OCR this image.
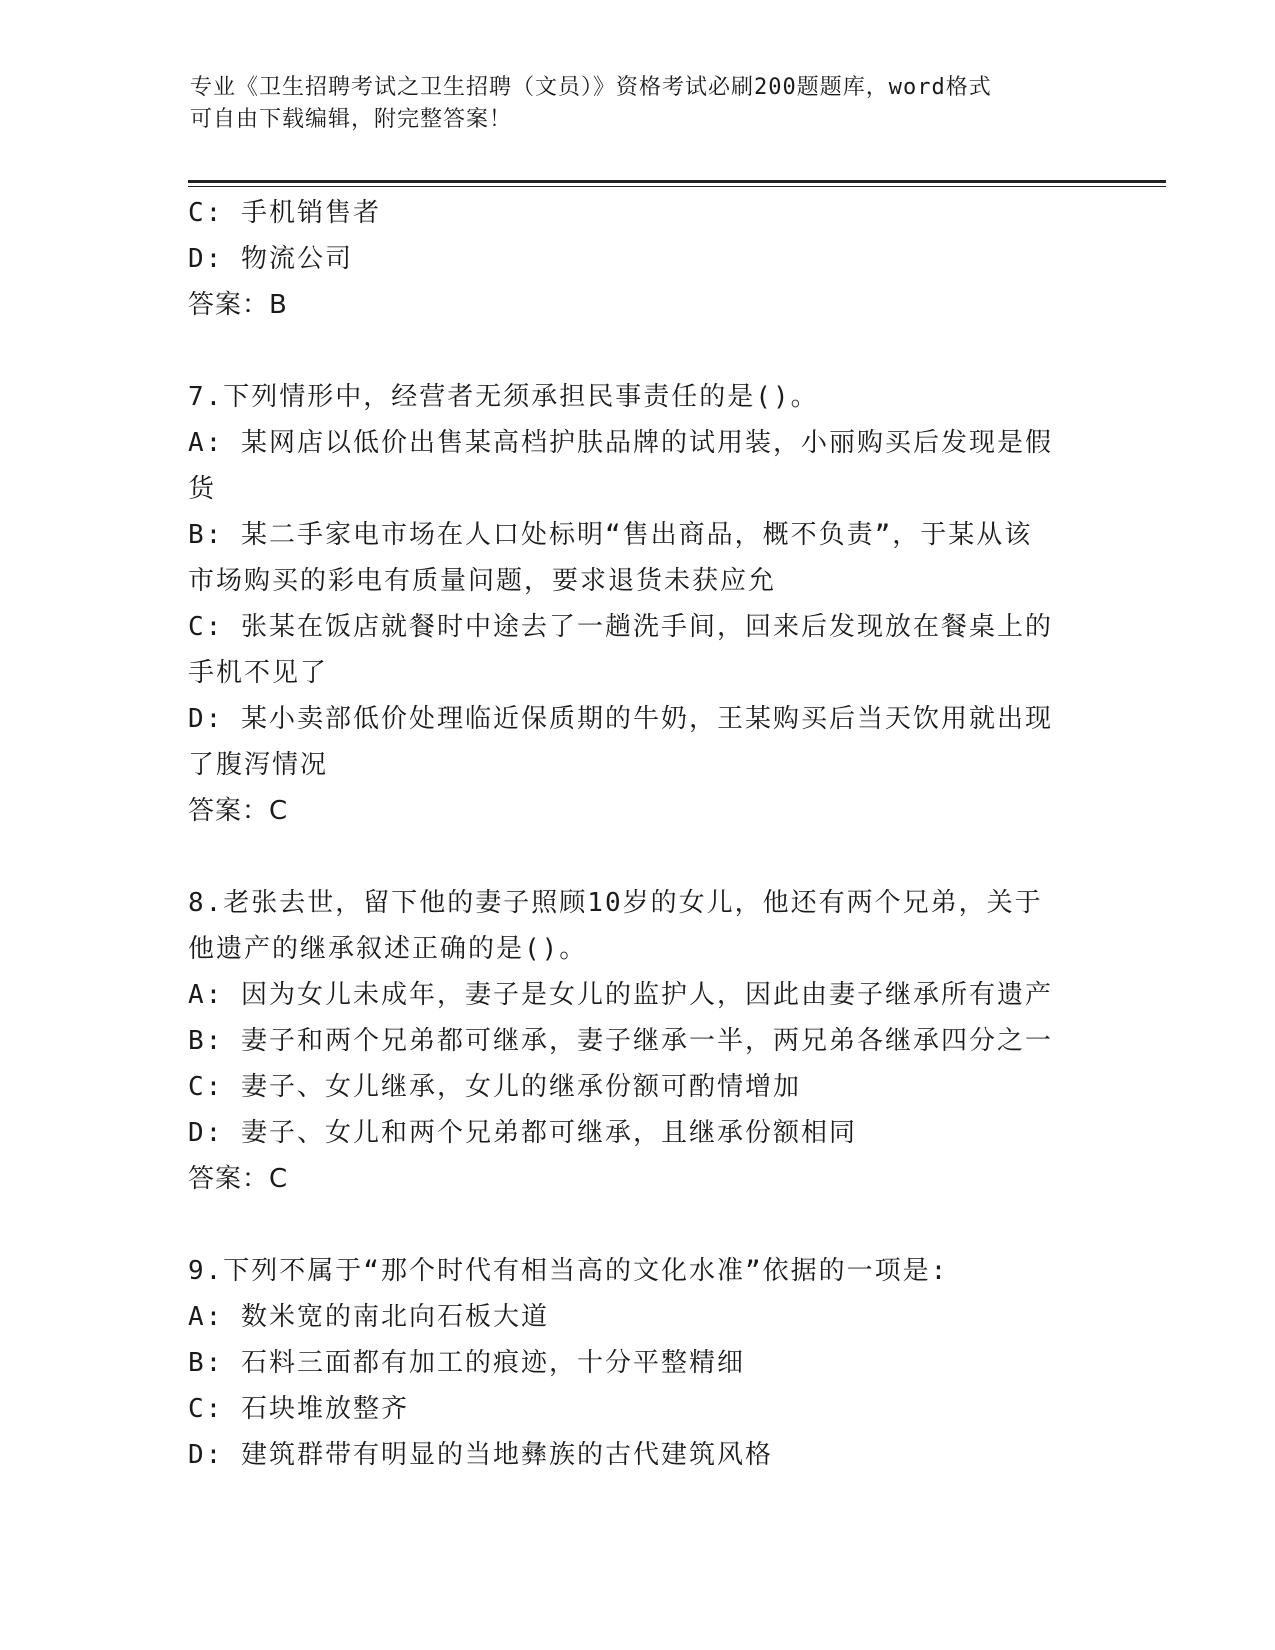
专业《卫生招聘考试之卫生招聘（文员）》资格考试必刷200题题库，word格式
可自由下载编辑，附完整答案！
C: 手机销售者
D: 物流公司
答案：B
7.下列情形中，经营者无须承担民事责任的是()。
A: 某网店以低价出售某高档护肤品牌的试用装，小丽购买后发现是假
货
B: 某二手家电市场在人口处标明“售出商品，概不负责”，于某从该
市场购买的彩电有质量问题，要求退货未获应允
C: 张某在饭店就餐时中途去了一趟洗手间，回来后发现放在餐桌上的
手机不见了
D: 某小卖部低价处理临近保质期的牛奶，王某购买后当天饮用就出现
了腹泻情况
答案：C
8.老张去世，留下他的妻子照顾10岁的女儿，他还有两个兄弟，关于
他遗产的继承叙述正确的是()。
A: 因为女儿未成年，妻子是女儿的监护人，因此由妻子继承所有遗产
B: 妻子和两个兄弟都可继承，妻子继承一半，两兄弟各继承四分之一
C: 妻子、女儿继承，女儿的继承份额可酌情增加
D: 妻子、女儿和两个兄弟都可继承，且继承份额相同
答案：C
9.下列不属于“那个时代有相当高的文化水准”依据的一项是:
A: 数米宽的南北向石板大道
B: 石料三面都有加工的痕迹，十分平整精细
C: 石块堆放整齐
D: 建筑群带有明显的当地彝族的古代建筑风格
